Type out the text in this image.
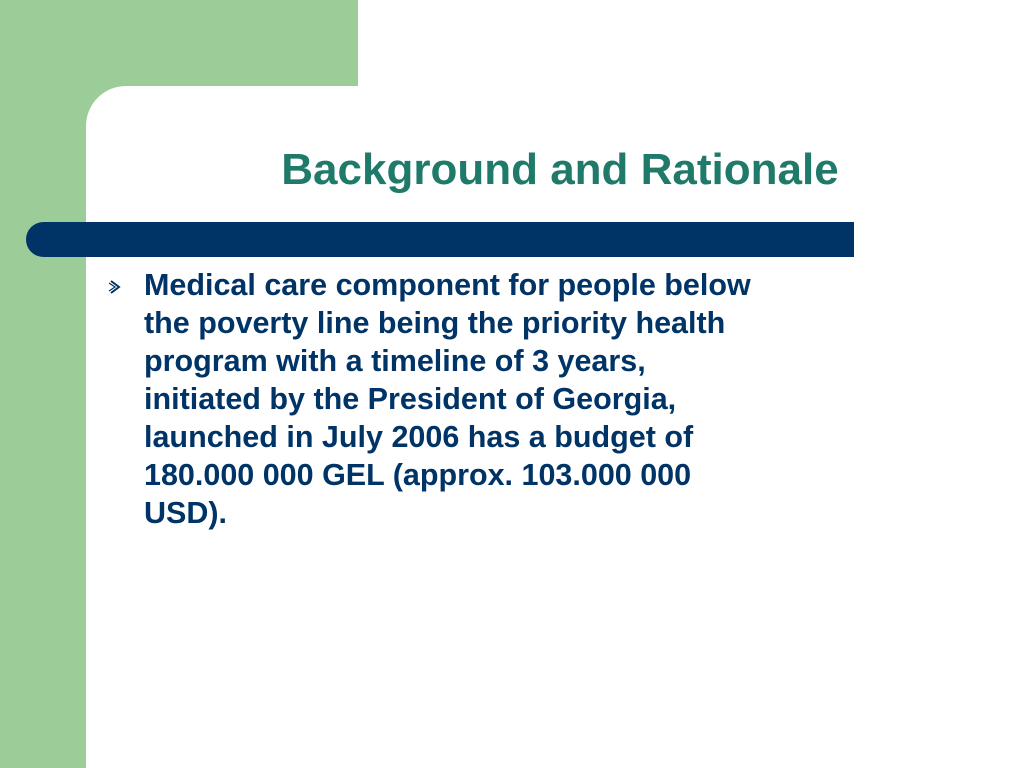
Background and Rationale
Medical care component for people below
the poverty line being the priority health
program with a timeline of 3 years,
initiated by the President of Georgia,
launched in July 2006 has a budget of
180.000 000 GEL (approx. 103.000 000
USD).
